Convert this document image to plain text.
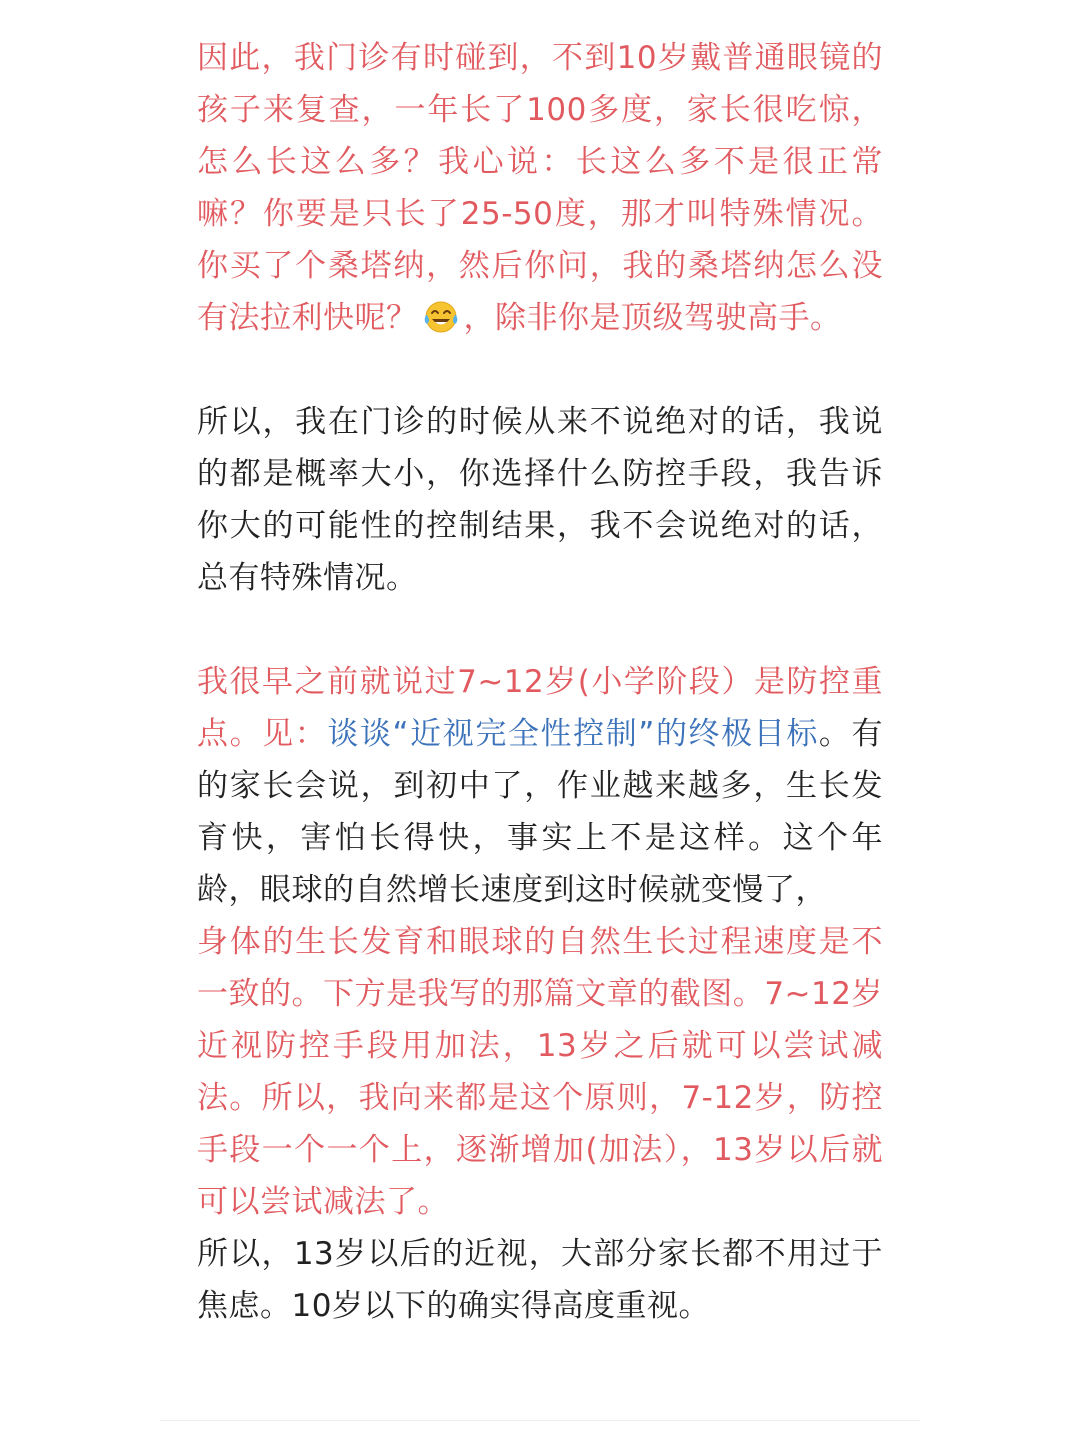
因此，我门诊有时碰到，不到10岁戴普通眼镜的孩子来复查，一年长了100多度，家长很吃惊，怎么长这么多？我心说：长这么多不是很正常嘛？你要是只长了25-50度，那才叫特殊情况。你买了个桑塔纳，然后你问，我的桑塔纳怎么没有法拉利快呢？ ，除非你是顶级驾驶高手。

所以，我在门诊的时候从来不说绝对的话，我说的都是概率大小，你选择什么防控手段，我告诉你大的可能性的控制结果，我不会说绝对的话，总有特殊情况。

我很早之前就说过7~12岁(小学阶段）是防控重点。见：谈谈“近视完全性控制”的终极目标。有的家长会说，到初中了，作业越来越多，生长发育快，害怕长得快，事实上不是这样。这个年龄，眼球的自然增长速度到这时候就变慢了，
身体的生长发育和眼球的自然生长过程速度是不一致的。下方是我写的那篇文章的截图。7~12岁近视防控手段用加法，13岁之后就可以尝试减法。所以，我向来都是这个原则，7-12岁，防控手段一个一个上，逐渐增加(加法），13岁以后就可以尝试减法了。
所以，13岁以后的近视，大部分家长都不用过于焦虑。10岁以下的确实得高度重视。
